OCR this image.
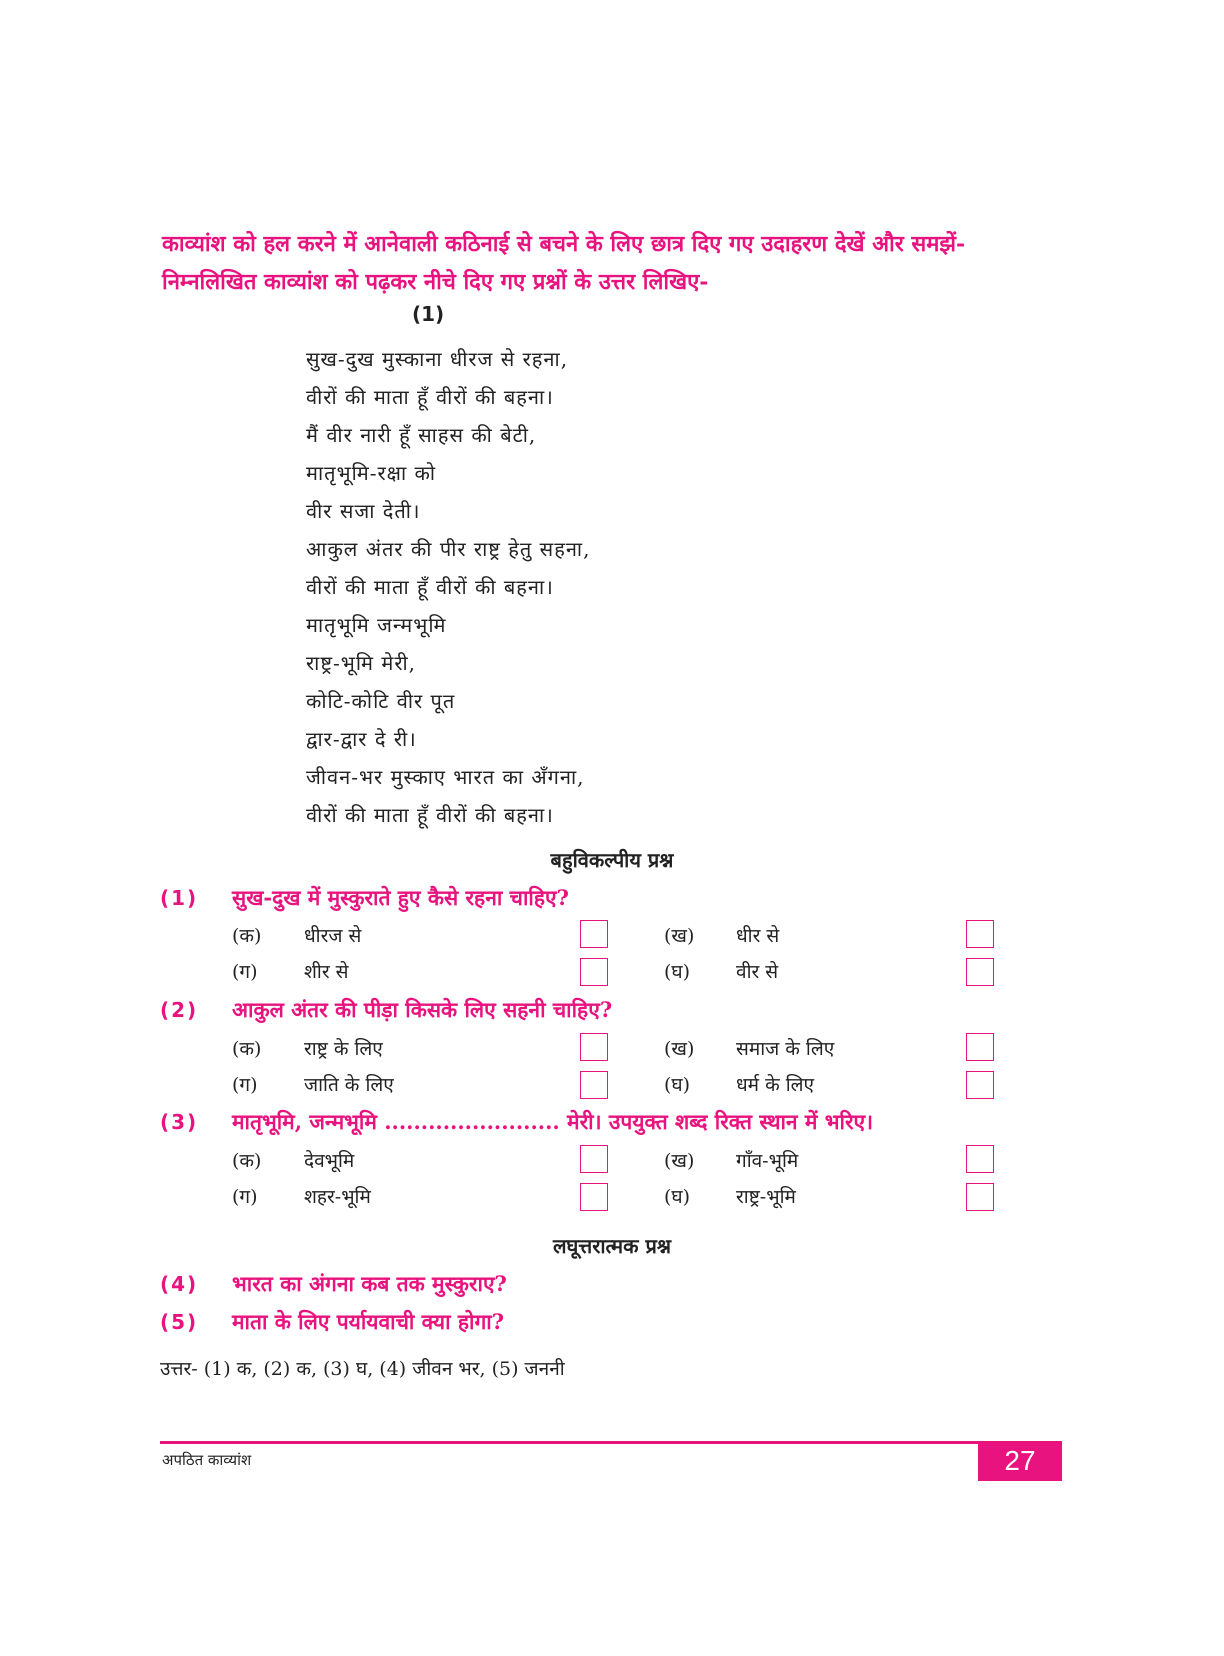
काव्यांश को हल करने में आनेवाली कठिनाई से बचने के लिए छात्र दिए गए उदाहरण देखें और समझें-
निम्नलिखित काव्यांश को पढ़कर नीचे दिए गए प्रश्नों के उत्तर लिखिए-
(1)
सुख-दुख मुस्काना धीरज से रहना,
वीरों की माता हूँ वीरों की बहना।
मैं वीर नारी हूँ साहस की बेटी,
मातृभूमि-रक्षा को
वीर सजा देती।
आकुल अंतर की पीर राष्ट्र हेतु सहना,
वीरों की माता हूँ वीरों की बहना।
मातृभूमि जन्मभूमि
राष्ट्र-भूमि मेरी,
कोटि-कोटि वीर पूत
द्वार-द्वार दे री।
जीवन-भर मुस्काए भारत का अँगना,
वीरों की माता हूँ वीरों की बहना।
बहुविकल्पीय प्रश्न
(1) सुख-दुख में मुस्कुराते हुए कैसे रहना चाहिए?
(क) धीरज से	(ख) धीर से
(ग) शीर से	(घ) वीर से
(2) आकुल अंतर की पीड़ा किसके लिए सहनी चाहिए?
(क) राष्ट्र के लिए	(ख) समाज के लिए
(ग) जाति के लिए	(घ) धर्म के लिए
(3) मातृभूमि, जन्मभूमि ........................ मेरी। उपयुक्त शब्द रिक्त स्थान में भरिए।
(क) देवभूमि	(ख) गाँव-भूमि
(ग) शहर-भूमि	(घ) राष्ट्र-भूमि
लघूत्तरात्मक प्रश्न
(4) भारत का अंगना कब तक मुस्कुराए?
(5) माता के लिए पर्यायवाची क्या होगा?
उत्तर- (1) क, (2) क, (3) घ, (4) जीवन भर, (5) जननी
अपठित काव्यांश	27
